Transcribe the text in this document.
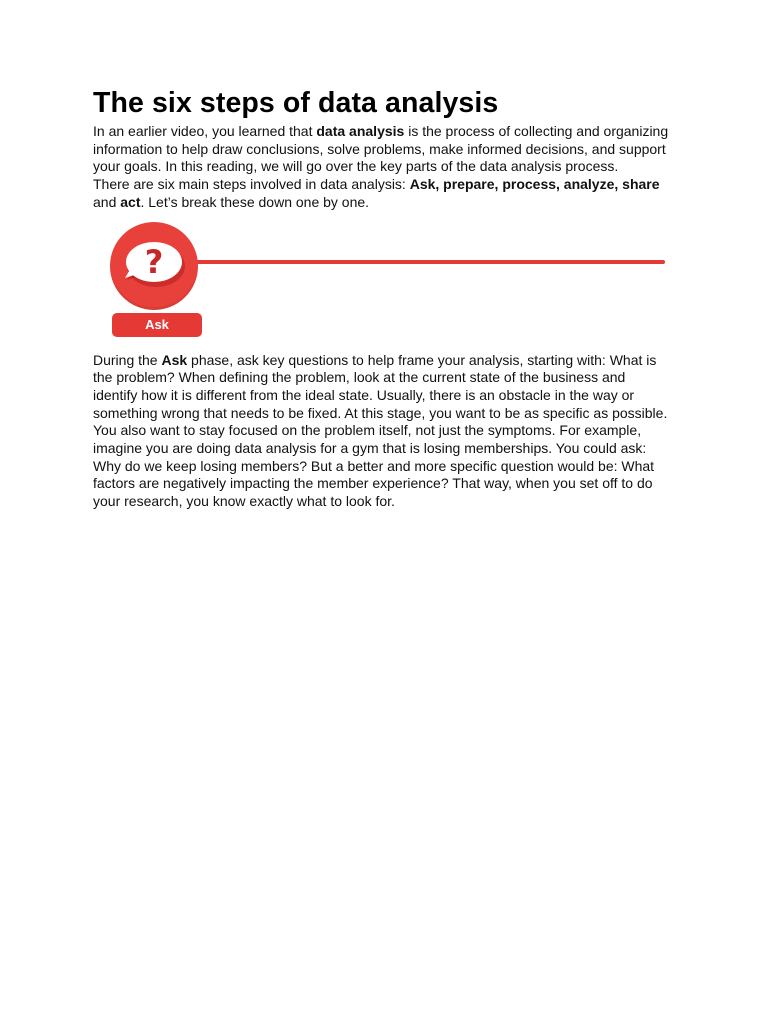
The six steps of data analysis

In an earlier video, you learned that data analysis is the process of collecting and organizing information to help draw conclusions, solve problems, make informed decisions, and support your goals. In this reading, we will go over the key parts of the data analysis process.

There are six main steps involved in data analysis: Ask, prepare, process, analyze, share and act. Let’s break these down one by one.

?
Ask

During the Ask phase, ask key questions to help frame your analysis, starting with: What is the problem? When defining the problem, look at the current state of the business and identify how it is different from the ideal state. Usually, there is an obstacle in the way or something wrong that needs to be fixed. At this stage, you want to be as specific as possible. You also want to stay focused on the problem itself, not just the symptoms. For example, imagine you are doing data analysis for a gym that is losing memberships. You could ask: Why do we keep losing members? But a better and more specific question would be: What factors are negatively impacting the member experience? That way, when you set off to do your research, you know exactly what to look for.
